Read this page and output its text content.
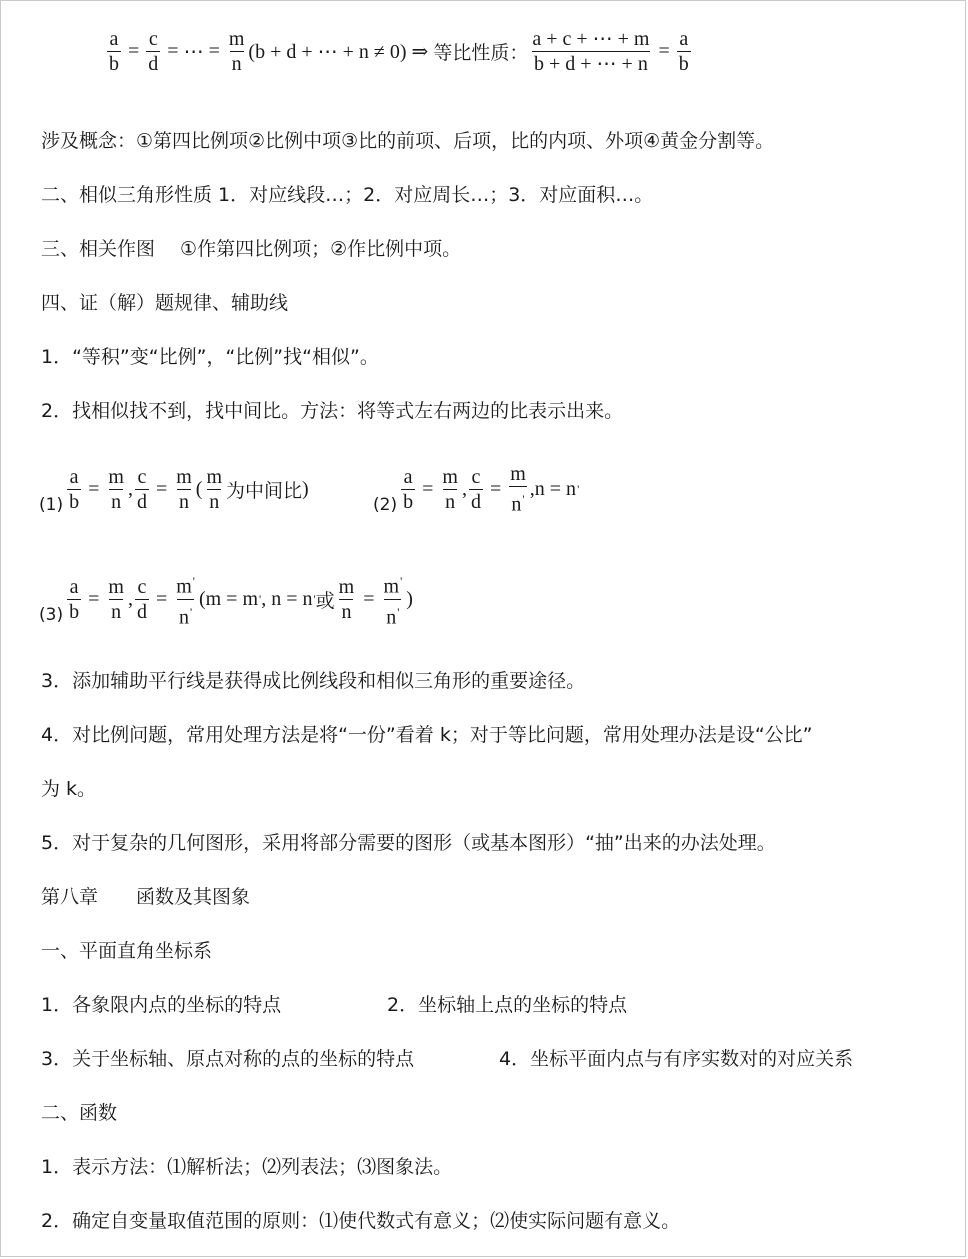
$\frac{a}{b} = \frac{c}{d}$ = ⋯ = $\frac{m}{n} (b + d$ + ⋯ + n ≠ 0) ⇒ 等比性质： $\frac{a + c + \cdots + m}{b + d + \cdots + n} = \frac{a}{b}$
涉及概念：①第四比例项②比例中项③比的前项、后项，比的内项、外项④黄金分割等。
二、相似三角形性质 1．对应线段…；2．对应周长…；3．对应面积…。
三、相关作图　 ①作第四比例项；②作比例中项。
四、证（解）题规律、辅助线
1．“等积”变“比例”，“比例”找“相似”。
2．找相似找不到，找中间比。方法：将等式左右两边的比表示出来。
$(1) \frac{a}{b} = \frac{m}{n}$ , $\frac{c}{d} = \frac{m}{n}$ ( $\frac{m}{n}$ 为中间比 )
$(2) \frac{a}{b} = \frac{m}{n}$ , $\frac{c}{d} = \frac{m}{n'}$ , n = n '
$(3) \frac{a}{b} = \frac{m}{n}$ , $\frac{c}{d} = \frac{m'}{n'} (m = m$ ' , n = n ' 或 $\frac{m}{n} = \frac{m'}{n'}$ )
3．添加辅助平行线是获得成比例线段和相似三角形的重要途径。
4．对比例问题，常用处理方法是将“一份”看着 k；对于等比问题，常用处理办法是设“公比”
为 k。
5．对于复杂的几何图形，采用将部分需要的图形（或基本图形）“抽”出来的办法处理。
第八章　　函数及其图象
一、平面直角坐标系
1．各象限内点的坐标的特点	2．坐标轴上点的坐标的特点
3．关于坐标轴、原点对称的点的坐标的特点	4．坐标平面内点与有序实数对的对应关系
二、函数
1．表示方法：⑴解析法；⑵列表法；⑶图象法。
2．确定自变量取值范围的原则：⑴使代数式有意义；⑵使实际问题有意义。
